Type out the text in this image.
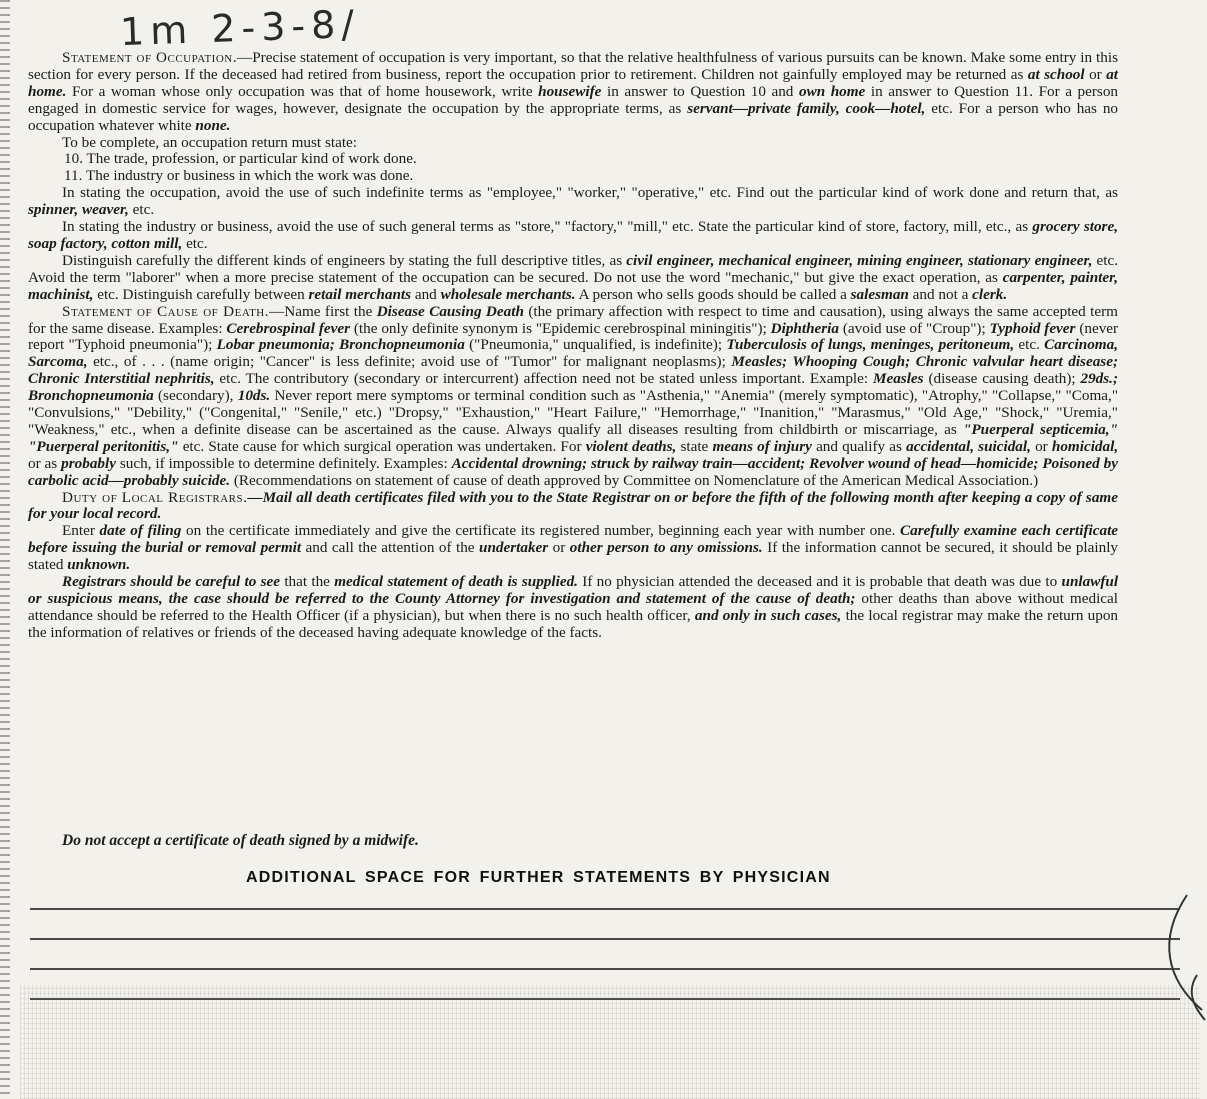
1m 2-3-8/

Statement of Occupation.—Precise statement of occupation is very important, so that the relative healthfulness of various pursuits can be known. Make some entry in this section for every person. If the deceased had retired from business, report the occupation prior to retirement. Children not gainfully employed may be returned as at school or at home. For a woman whose only occupation was that of home housework, write housewife in answer to Question 10 and own home in answer to Question 11. For a person engaged in domestic service for wages, however, designate the occupation by the appropriate terms, as servant—private family, cook—hotel, etc. For a person who has no occupation whatever white none.

To be complete, an occupation return must state:

10. The trade, profession, or particular kind of work done.

11. The industry or business in which the work was done.

In stating the occupation, avoid the use of such indefinite terms as "employee," "worker," "operative," etc. Find out the particular kind of work done and return that, as spinner, weaver, etc.

In stating the industry or business, avoid the use of such general terms as "store," "factory," "mill," etc. State the particular kind of store, factory, mill, etc., as grocery store, soap factory, cotton mill, etc.

Distinguish carefully the different kinds of engineers by stating the full descriptive titles, as civil engineer, mechanical engineer, mining engineer, stationary engineer, etc. Avoid the term "laborer" when a more precise statement of the occupation can be secured. Do not use the word "mechanic," but give the exact operation, as carpenter, painter, machinist, etc. Distinguish carefully between retail merchants and wholesale merchants. A person who sells goods should be called a salesman and not a clerk.

Statement of Cause of Death.—Name first the Disease Causing Death (the primary affection with respect to time and causation), using always the same accepted term for the same disease. Examples: Cerebrospinal fever (the only definite synonym is "Epidemic cerebrospinal miningitis"); Diphtheria (avoid use of "Croup"); Typhoid fever (never report "Typhoid pneumonia"); Lobar pneumonia; Bronchopneumonia ("Pneumonia," unqualified, is indefinite); Tuberculosis of lungs, meninges, peritoneum, etc. Carcinoma, Sarcoma, etc., of . . . (name origin; "Cancer" is less definite; avoid use of "Tumor" for malignant neoplasms); Measles; Whooping Cough; Chronic valvular heart disease; Chronic Interstitial nephritis, etc. The contributory (secondary or intercurrent) affection need not be stated unless important. Example: Measles (disease causing death); 29ds.; Bronchopneumonia (secondary), 10ds. Never report mere symptoms or terminal condition such as "Asthenia," "Anemia" (merely symptomatic), "Atrophy," "Collapse," "Coma," "Convulsions," "Debility," ("Congenital," "Senile," etc.) "Dropsy," "Exhaustion," "Heart Failure," "Hemorrhage," "Inanition," "Marasmus," "Old Age," "Shock," "Uremia," "Weakness," etc., when a definite disease can be ascertained as the cause. Always qualify all diseases resulting from childbirth or miscarriage, as "Puerperal septicemia," "Puerperal peritonitis," etc. State cause for which surgical operation was undertaken. For violent deaths, state means of injury and qualify as accidental, suicidal, or homicidal, or as probably such, if impossible to determine definitely. Examples: Accidental drowning; struck by railway train—accident; Revolver wound of head—homicide; Poisoned by carbolic acid—probably suicide. (Recommendations on statement of cause of death approved by Committee on Nomenclature of the American Medical Association.)

Duty of Local Registrars.—Mail all death certificates filed with you to the State Registrar on or before the fifth of the following month after keeping a copy of same for your local record.

Enter date of filing on the certificate immediately and give the certificate its registered number, beginning each year with number one. Carefully examine each certificate before issuing the burial or removal permit and call the attention of the undertaker or other person to any omissions. If the information cannot be secured, it should be plainly stated unknown.

Registrars should be careful to see that the medical statement of death is supplied. If no physician attended the deceased and it is probable that death was due to unlawful or suspicious means, the case should be referred to the County Attorney for investigation and statement of the cause of death; other deaths than above without medical attendance should be referred to the Health Officer (if a physician), but when there is no such health officer, and only in such cases, the local registrar may make the return upon the information of relatives or friends of the deceased having adequate knowledge of the facts.

Do not accept a certificate of death signed by a midwife.
ADDITIONAL SPACE FOR FURTHER STATEMENTS BY PHYSICIAN
